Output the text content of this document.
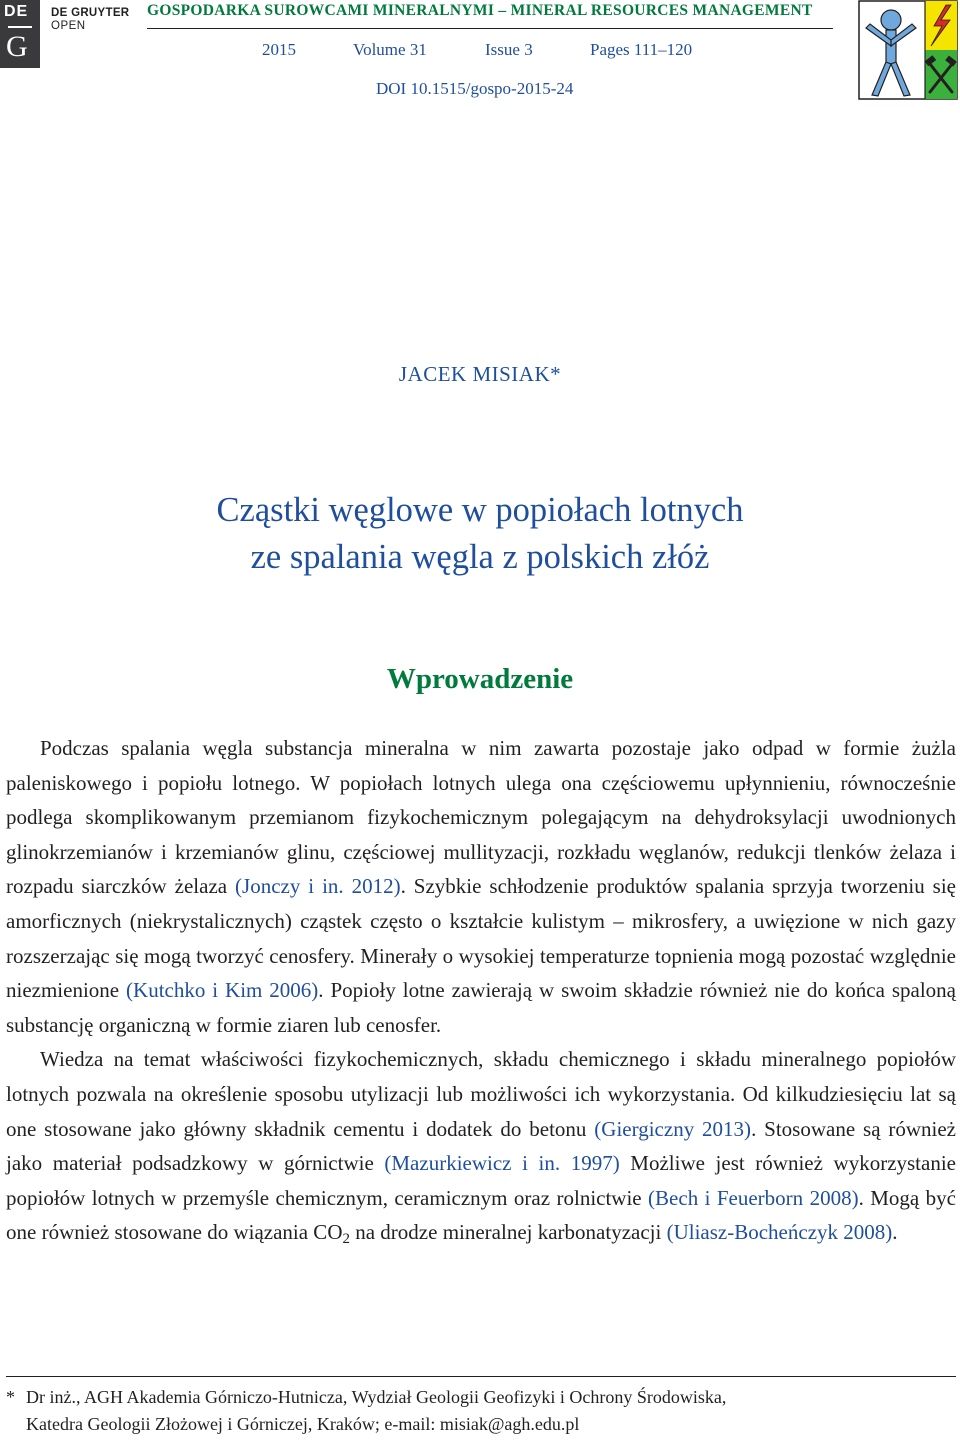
DE
G
DE GRUYTER
OPEN
GOSPODARKA SUROWCAMI MINERALNYMI – MINERAL RESOURCES MANAGEMENT
2015	Volume 31	Issue 3	Pages 111–120
DOI 10.1515/gospo-2015-24
JACEK MISIAK*
Cząstki węglowe w popiołach lotnych
ze spalania węgla z polskich złóż
Wprowadzenie

Podczas spalania węgla substancja mineralna w nim zawarta pozostaje jako odpad w formie żużla paleniskowego i popiołu lotnego. W popiołach lotnych ulega ona częściowemu upłynnieniu, równocześnie podlega skomplikowanym przemianom fizykochemicznym polegającym na dehydroksylacji uwodnionych glinokrzemianów i krzemianów glinu, częściowej mullityzacji, rozkładu węglanów, redukcji tlenków żelaza i rozpadu siarczków żelaza (Jonczy i in. 2012). Szybkie schłodzenie produktów spalania sprzyja tworzeniu się amorficznych (niekrystalicznych) cząstek często o kształcie kulistym – mikrosfery, a uwięzione w nich gazy rozszerzając się mogą tworzyć cenosfery. Minerały o wysokiej temperaturze topnienia mogą pozostać względnie niezmienione (Kutchko i Kim 2006). Popioły lotne zawierają w swoim składzie również nie do końca spaloną substancję organiczną w formie ziaren lub cenosfer.

Wiedza na temat właściwości fizykochemicznych, składu chemicznego i składu mineralnego popiołów lotnych pozwala na określenie sposobu utylizacji lub możliwości ich wykorzystania. Od kilkudziesięciu lat są one stosowane jako główny składnik cementu i dodatek do betonu (Giergiczny 2013). Stosowane są również jako materiał podsadzkowy w górnictwie (Mazurkiewicz i in. 1997) Możliwe jest również wykorzystanie popiołów lotnych w przemyśle chemicznym, ceramicznym oraz rolnictwie (Bech i Feuerborn 2008). Mogą być one również stosowane do wiązania $CO_2$ na drodze mineralnej karbonatyzacji (Uliasz-Bocheńczyk 2008).

* Dr inż., AGH Akademia Górniczo-Hutnicza, Wydział Geologii Geofizyki i Ochrony Środowiska,
Katedra Geologii Złożowej i Górniczej, Kraków; e-mail: misiak@agh.edu.pl
